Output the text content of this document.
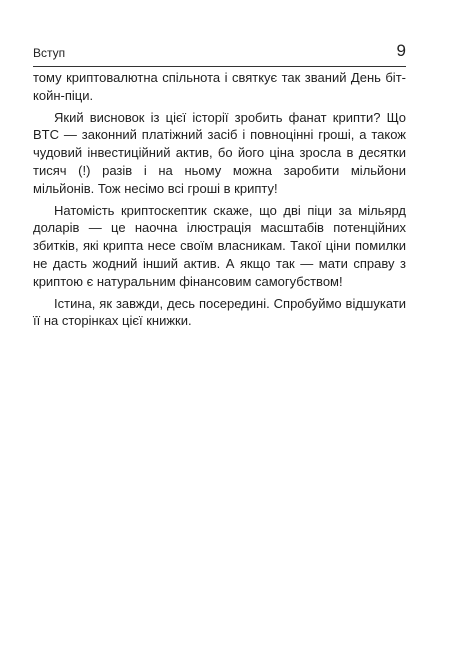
Вступ	9

тому криптовалютна спільнота і святкує так званий День біткойн-піци.

Який висновок із цієї історії зробить фанат крипти? Що BTC — законний платіжний засіб і повноцінні гроші, а також чудовий інвестиційний актив, бо його ціна зросла в десятки тисяч (!) разів і на ньому можна заробити мільйони мільйонів. Тож несімо всі гроші в крипту!

Натомість криптоскептик скаже, що дві піци за мільярд доларів — це наочна ілюстрація масштабів потенційних збитків, які крипта несе своїм власникам. Такої ціни помилки не дасть жодний інший актив. А якщо так — мати справу з криптою є натуральним фінансовим самогубством!

Істина, як завжди, десь посередині. Спробуймо відшукати її на сторінках цієї книжки.
